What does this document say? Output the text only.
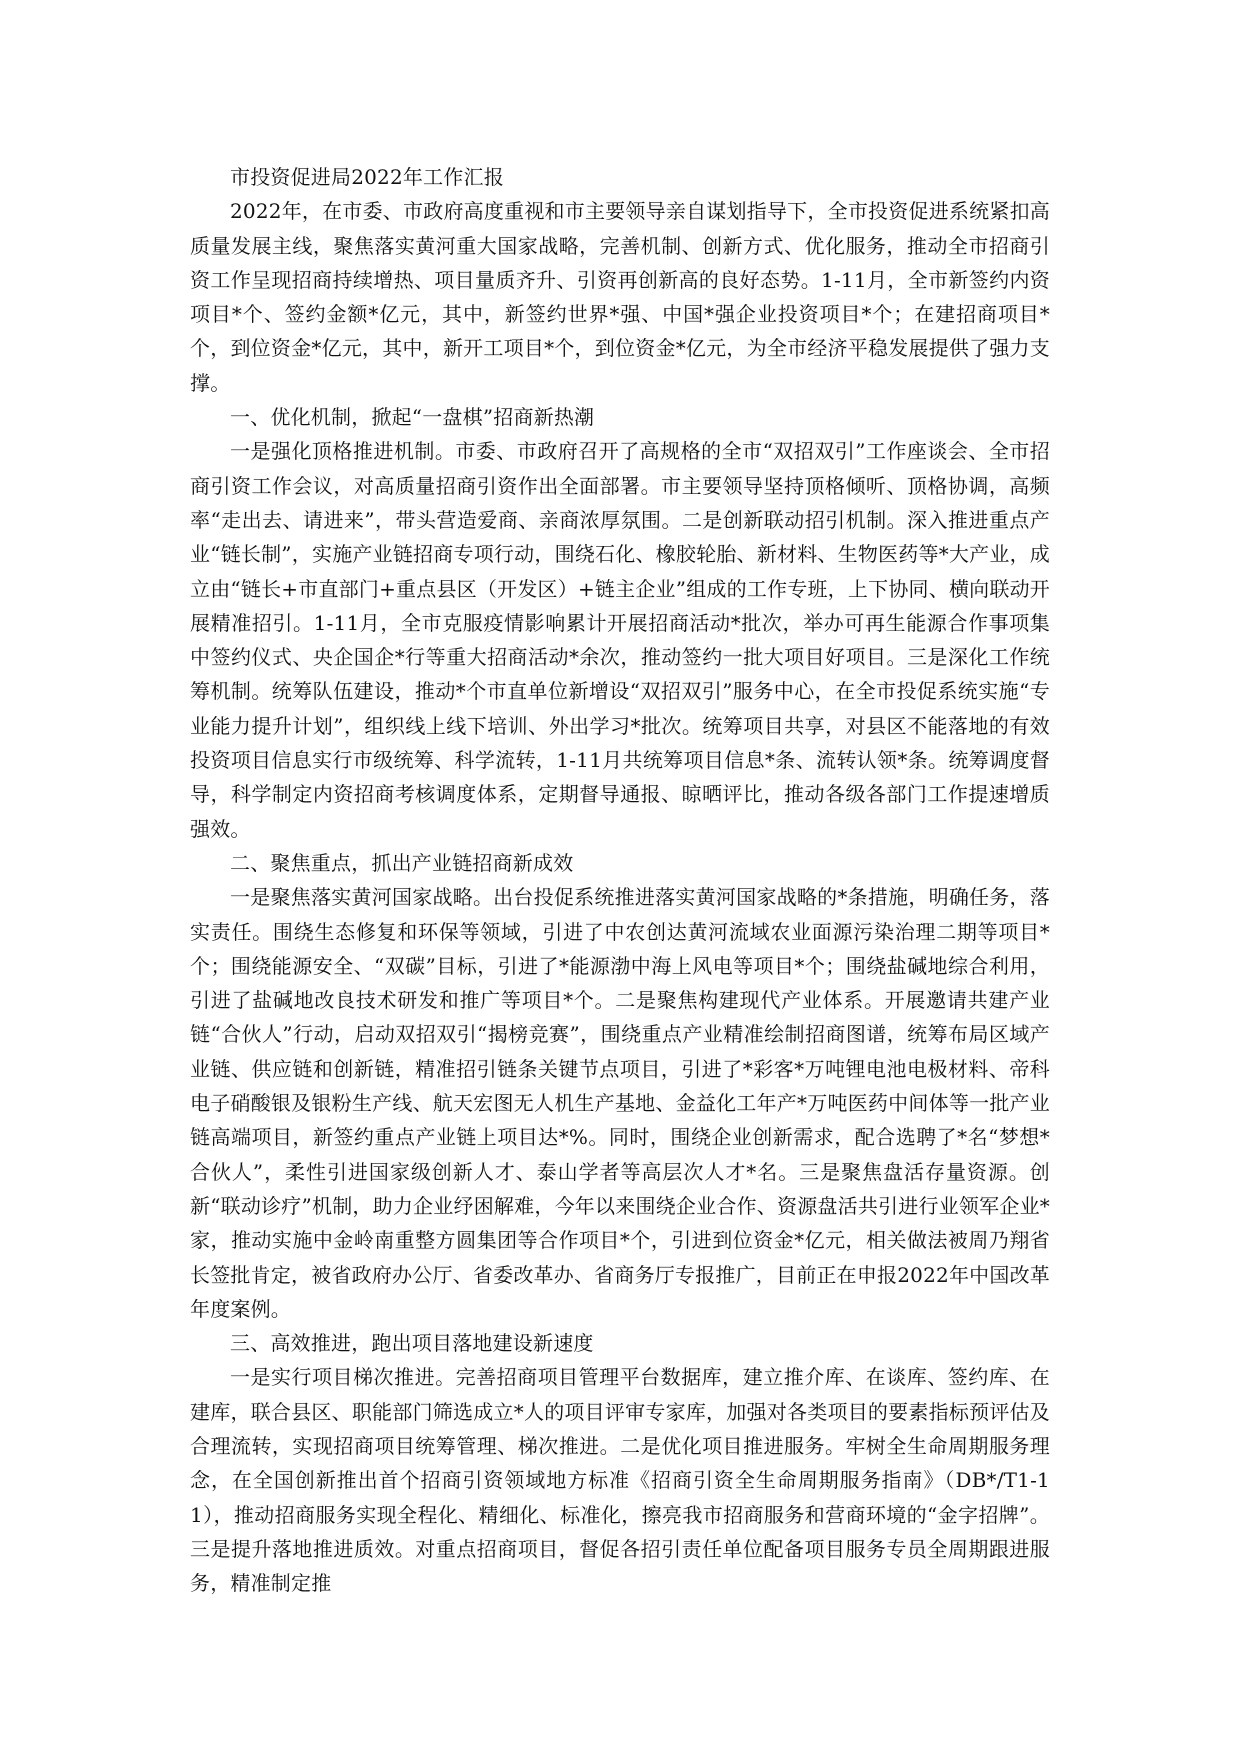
市投资促进局2022年工作汇报

2022年，在市委、市政府高度重视和市主要领导亲自谋划指导下，全市投资促进系统紧扣高质量发展主线，聚焦落实黄河重大国家战略，完善机制、创新方式、优化服务，推动全市招商引资工作呈现招商持续增热、项目量质齐升、引资再创新高的良好态势。1-11月，全市新签约内资项目*个、签约金额*亿元，其中，新签约世界*强、中国*强企业投资项目*个；在建招商项目*个，到位资金*亿元，其中，新开工项目*个，到位资金*亿元，为全市经济平稳发展提供了强力支撑。

一、优化机制，掀起“一盘棋”招商新热潮

一是强化顶格推进机制。市委、市政府召开了高规格的全市“双招双引”工作座谈会、全市招商引资工作会议，对高质量招商引资作出全面部署。市主要领导坚持顶格倾听、顶格协调，高频率“走出去、请进来”，带头营造爱商、亲商浓厚氛围。二是创新联动招引机制。深入推进重点产业“链长制”，实施产业链招商专项行动，围绕石化、橡胶轮胎、新材料、生物医药等*大产业，成立由“链长+市直部门+重点县区（开发区）+链主企业”组成的工作专班，上下协同、横向联动开展精准招引。1-11月，全市克服疫情影响累计开展招商活动*批次，举办可再生能源合作事项集中签约仪式、央企国企*行等重大招商活动*余次，推动签约一批大项目好项目。三是深化工作统筹机制。统筹队伍建设，推动*个市直单位新增设“双招双引”服务中心，在全市投促系统实施“专业能力提升计划”，组织线上线下培训、外出学习*批次。统筹项目共享，对县区不能落地的有效投资项目信息实行市级统筹、科学流转，1-11月共统筹项目信息*条、流转认领*条。统筹调度督导，科学制定内资招商考核调度体系，定期督导通报、晾晒评比，推动各级各部门工作提速增质强效。

二、聚焦重点，抓出产业链招商新成效

一是聚焦落实黄河国家战略。出台投促系统推进落实黄河国家战略的*条措施，明确任务，落实责任。围绕生态修复和环保等领域，引进了中农创达黄河流域农业面源污染治理二期等项目*个；围绕能源安全、“双碳”目标，引进了*能源渤中海上风电等项目*个；围绕盐碱地综合利用，引进了盐碱地改良技术研发和推广等项目*个。二是聚焦构建现代产业体系。开展邀请共建产业链“合伙人”行动，启动双招双引“揭榜竞赛”，围绕重点产业精准绘制招商图谱，统筹布局区域产业链、供应链和创新链，精准招引链条关键节点项目，引进了*彩客*万吨锂电池电极材料、帝科电子硝酸银及银粉生产线、航天宏图无人机生产基地、金益化工年产*万吨医药中间体等一批产业链高端项目，新签约重点产业链上项目达*%。同时，围绕企业创新需求，配合选聘了*名“梦想*合伙人”，柔性引进国家级创新人才、泰山学者等高层次人才*名。三是聚焦盘活存量资源。创新“联动诊疗”机制，助力企业纾困解难，今年以来围绕企业合作、资源盘活共引进行业领军企业*家，推动实施中金岭南重整方圆集团等合作项目*个，引进到位资金*亿元，相关做法被周乃翔省长签批肯定，被省政府办公厅、省委改革办、省商务厅专报推广，目前正在申报2022年中国改革年度案例。

三、高效推进，跑出项目落地建设新速度

一是实行项目梯次推进。完善招商项目管理平台数据库，建立推介库、在谈库、签约库、在建库，联合县区、职能部门筛选成立*人的项目评审专家库，加强对各类项目的要素指标预评估及合理流转，实现招商项目统筹管理、梯次推进。二是优化项目推进服务。牢树全生命周期服务理念，在全国创新推出首个招商引资领域地方标准《招商引资全生命周期服务指南》（DB*/T1-11），推动招商服务实现全程化、精细化、标准化，擦亮我市招商服务和营商环境的“金字招牌”。三是提升落地推进质效。对重点招商项目，督促各招引责任单位配备项目服务专员全周期跟进服务，精准制定推
